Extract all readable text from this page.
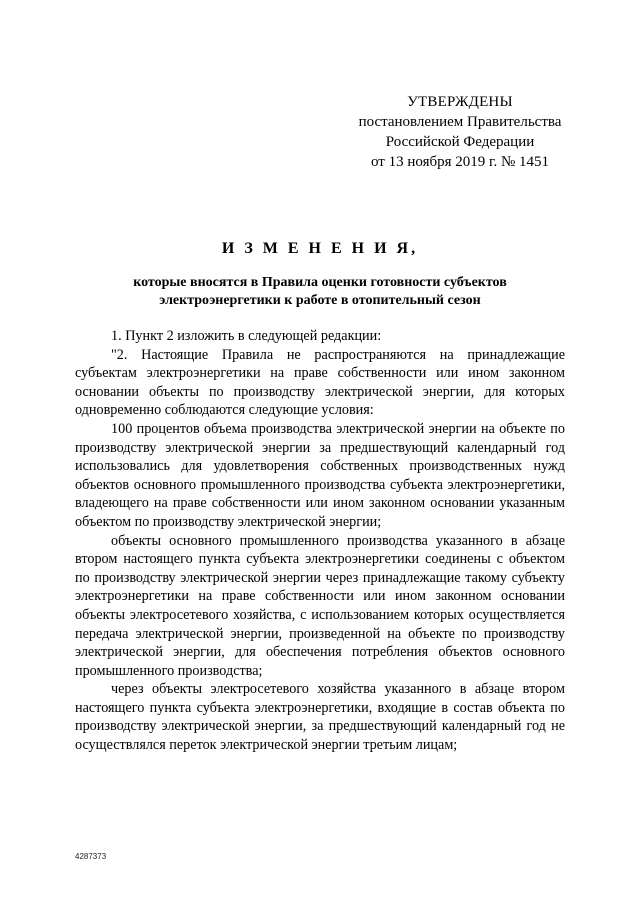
УТВЕРЖДЕНЫ
постановлением Правительства
Российской Федерации
от 13 ноября 2019 г. № 1451
И З М Е Н Е Н И Я,
которые вносятся в Правила оценки готовности субъектов
электроэнергетики к работе в отопительный сезон

1. Пункт 2 изложить в следующей редакции:

"2. Настоящие Правила не распространяются на принадлежащие субъектам электроэнергетики на праве собственности или ином законном основании объекты по производству электрической энергии, для которых одновременно соблюдаются следующие условия:

100 процентов объема производства электрической энергии на объекте по производству электрической энергии за предшествующий календарный год использовались для удовлетворения собственных производственных нужд объектов основного промышленного производства субъекта электроэнергетики, владеющего на праве собственности или ином законном основании указанным объектом по производству электрической энергии;

объекты основного промышленного производства указанного в абзаце втором настоящего пункта субъекта электроэнергетики соединены с объектом по производству электрической энергии через принадлежащие такому субъекту электроэнергетики на праве собственности или ином законном основании объекты электросетевого хозяйства, с использованием которых осуществляется передача электрической энергии, произведенной на объекте по производству электрической энергии, для обеспечения потребления объектов основного промышленного производства;

через объекты электросетевого хозяйства указанного в абзаце втором настоящего пункта субъекта электроэнергетики, входящие в состав объекта по производству электрической энергии, за предшествующий календарный год не осуществлялся переток электрической энергии третьим лицам;

4287373
